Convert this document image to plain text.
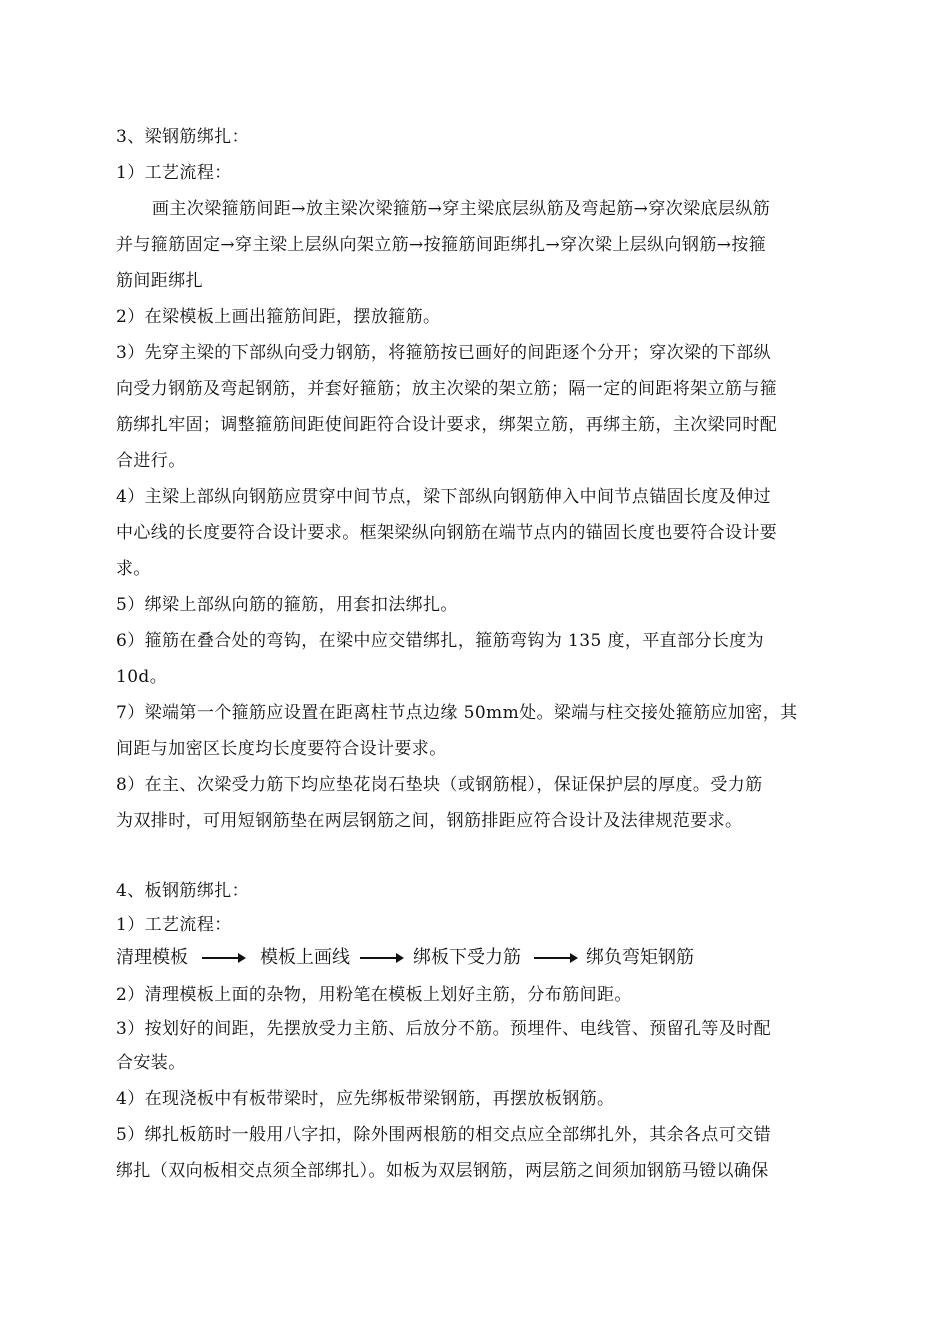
3、梁钢筋绑扎：
1）工艺流程：
画主次梁箍筋间距→放主梁次梁箍筋→穿主梁底层纵筋及弯起筋→穿次梁底层纵筋
并与箍筋固定→穿主梁上层纵向架立筋→按箍筋间距绑扎→穿次梁上层纵向钢筋→按箍
筋间距绑扎
2）在梁模板上画出箍筋间距，摆放箍筋。
3）先穿主梁的下部纵向受力钢筋，将箍筋按已画好的间距逐个分开；穿次梁的下部纵
向受力钢筋及弯起钢筋，并套好箍筋；放主次梁的架立筋；隔一定的间距将架立筋与箍
筋绑扎牢固；调整箍筋间距使间距符合设计要求，绑架立筋，再绑主筋，主次梁同时配
合进行。
4）主梁上部纵向钢筋应贯穿中间节点，梁下部纵向钢筋伸入中间节点锚固长度及伸过
中心线的长度要符合设计要求。框架梁纵向钢筋在端节点内的锚固长度也要符合设计要
求。
5）绑梁上部纵向筋的箍筋，用套扣法绑扎。
6）箍筋在叠合处的弯钩，在梁中应交错绑扎，箍筋弯钩为 135 度，平直部分长度为
10d。
7）梁端第一个箍筋应设置在距离柱节点边缘 50mm处。梁端与柱交接处箍筋应加密，其
间距与加密区长度均长度要符合设计要求。
8）在主、次梁受力筋下均应垫花岗石垫块（或钢筋棍），保证保护层的厚度。受力筋
为双排时，可用短钢筋垫在两层钢筋之间，钢筋排距应符合设计及法律规范要求。
4、板钢筋绑扎：
1）工艺流程：
清理模板	模板上画线	绑板下受力筋	绑负弯矩钢筋
2）清理模板上面的杂物，用粉笔在模板上划好主筋，分布筋间距。
3）按划好的间距，先摆放受力主筋、后放分不筋。预埋件、电线管、预留孔等及时配
合安装。
4）在现浇板中有板带梁时，应先绑板带梁钢筋，再摆放板钢筋。
5）绑扎板筋时一般用八字扣，除外围两根筋的相交点应全部绑扎外，其余各点可交错
绑扎（双向板相交点须全部绑扎）。如板为双层钢筋，两层筋之间须加钢筋马镫以确保
